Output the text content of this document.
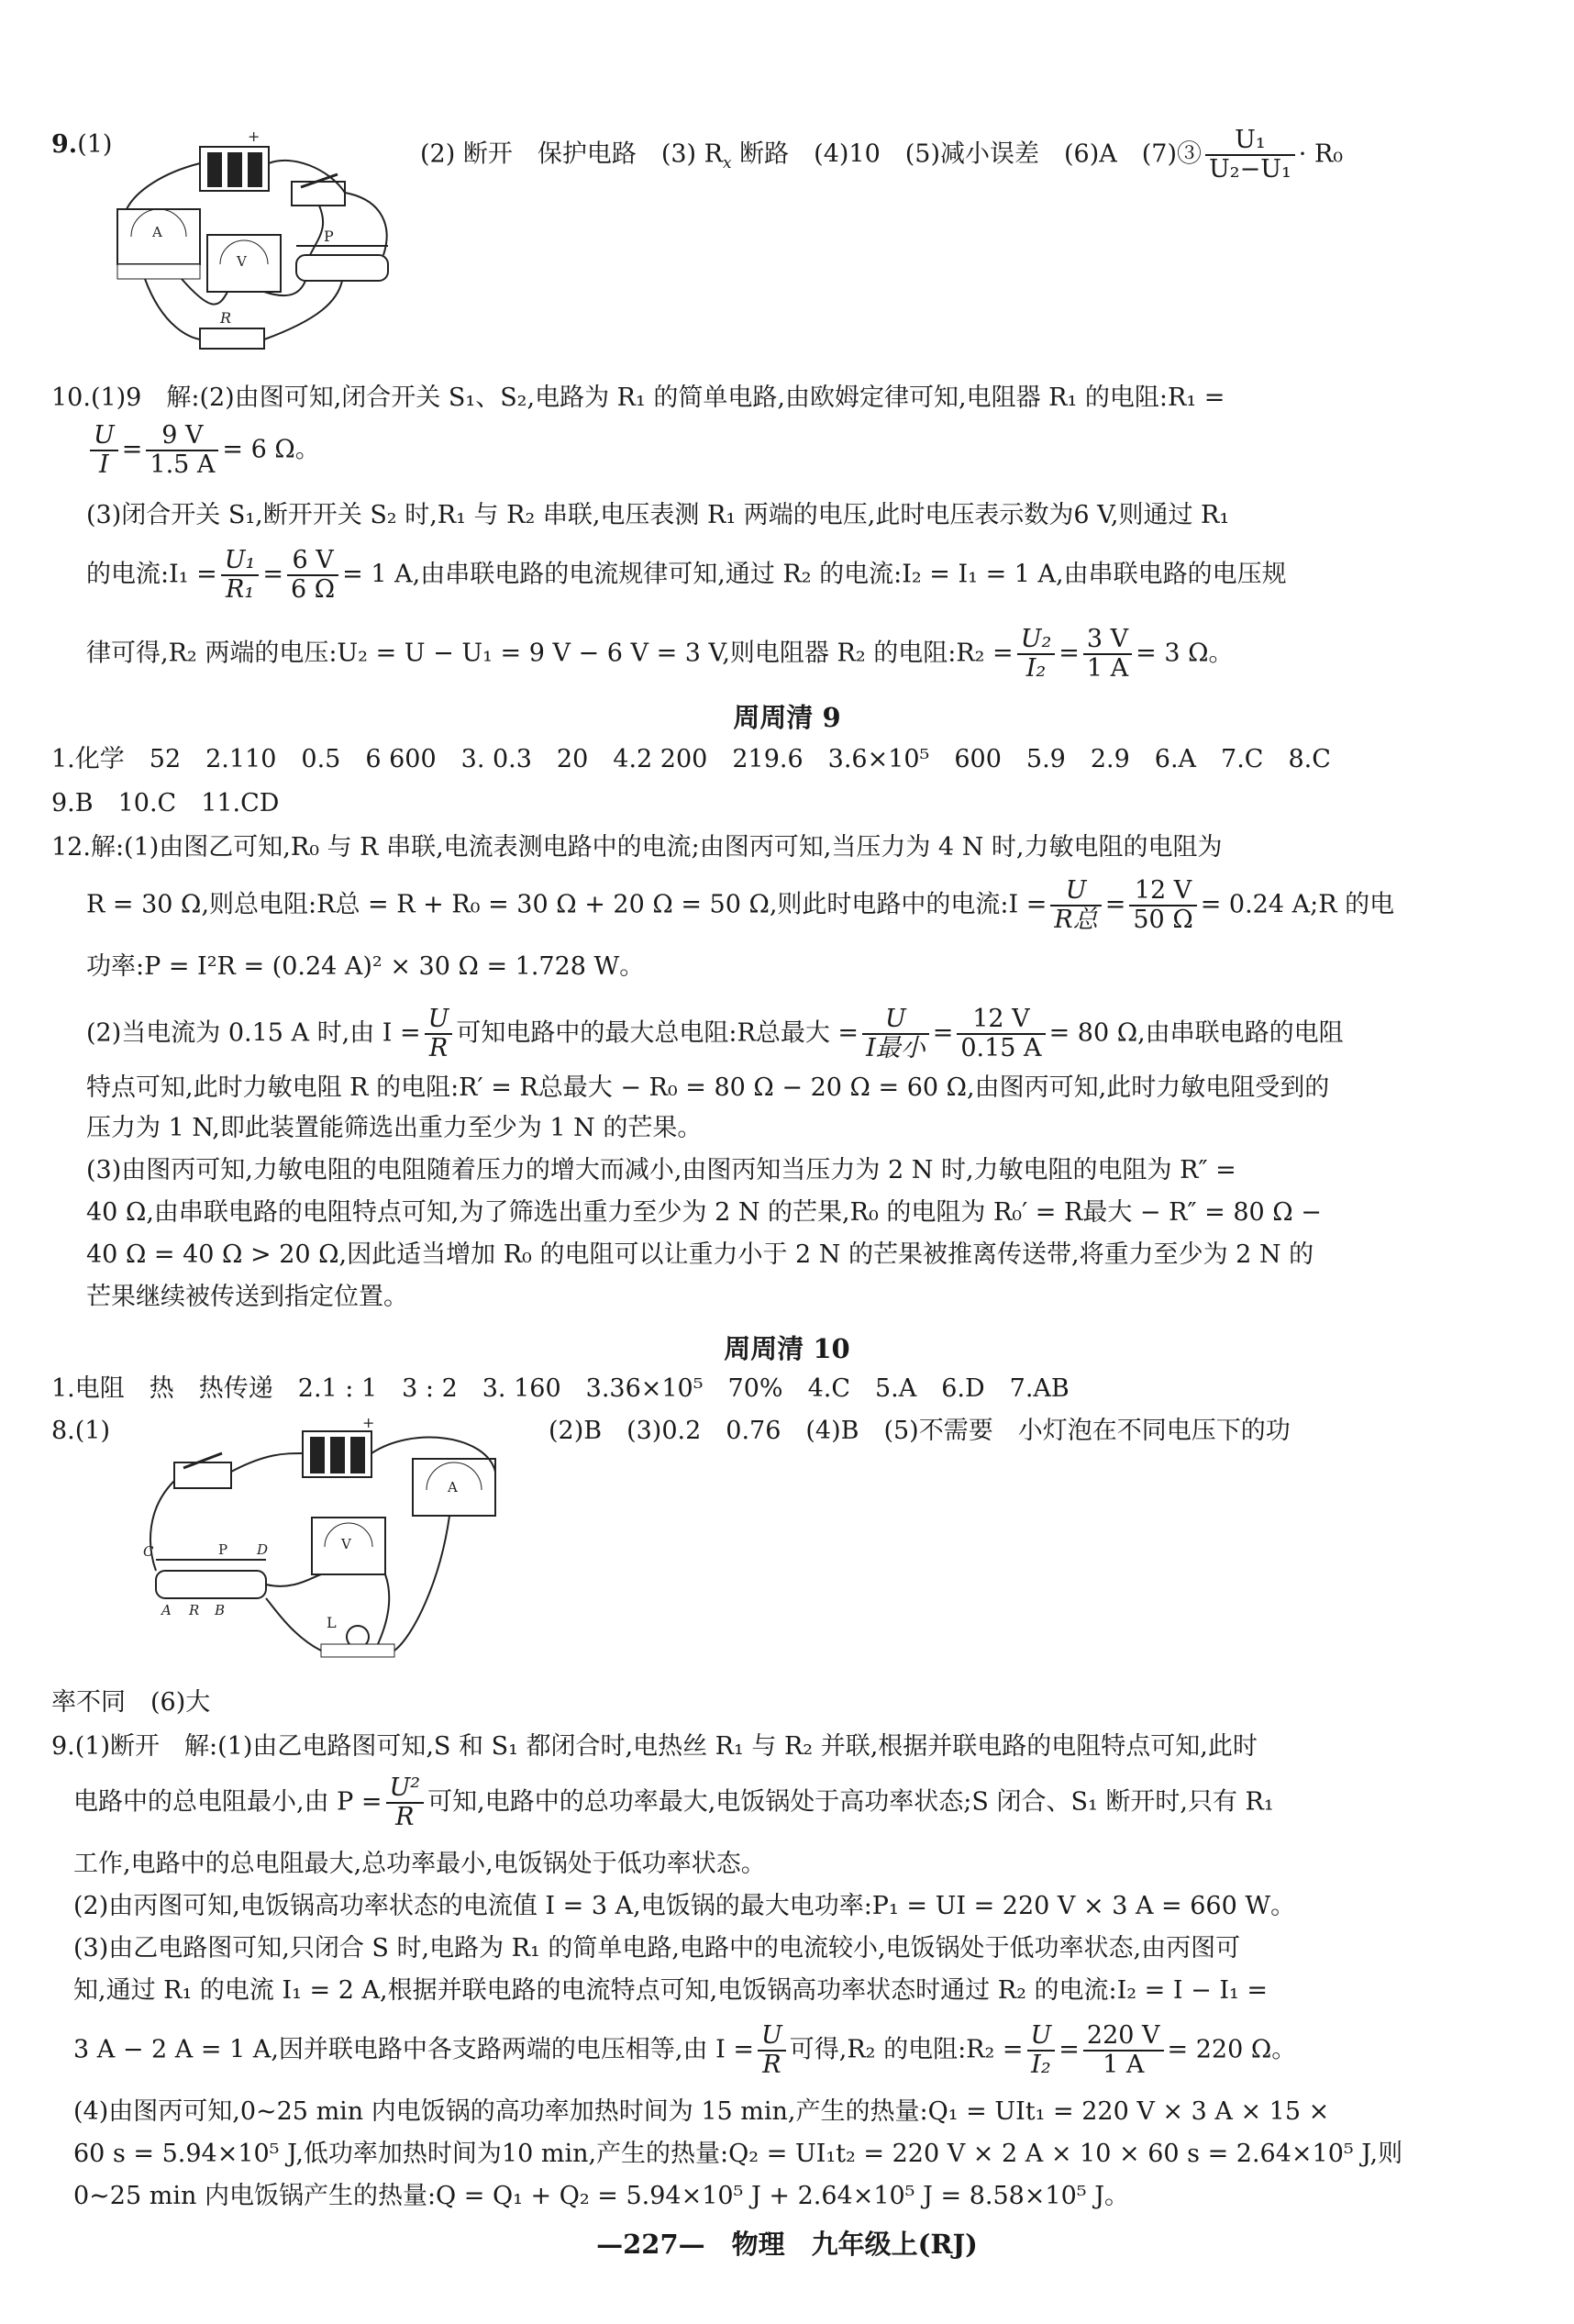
9.(1)	+
A
V
P
R
(2) 断开　保护电路　(3) $R_x$ 断路　(4)10　(5)减小误差　(6)A　(7)③ $\frac{\text{U₁}}{\text{U₂−U₁}} \cdot R_0$
10.(1)9　解:(2)由图可知,闭合开关 S₁、S₂,电路为 R₁ 的简单电路,由欧姆定律可知,电阻器 R₁ 的电阻:R₁ =
$\frac{U}{I} = \frac{9 V}{1.5 A} = 6$ Ω。
(3)闭合开关 S₁,断开开关 S₂ 时,R₁ 与 R₂ 串联,电压表测 R₁ 两端的电压,此时电压表示数为6 V,则通过 R₁
的电流:I₁ = $\frac{\text{U₁}}{\text{R₁}} = \frac{6 V}{6 \Omega} = 1$ A,由串联电路的电流规律可知,通过 R₂ 的电流:I₂ = I₁ = 1 A,由串联电路的电压规
律可得,R₂ 两端的电压:U₂ = U − U₁ = 9 V − 6 V = 3 V,则电阻器 R₂ 的电阻:R₂ = $\frac{\text{U₂}}{\text{I₂}} = \frac{3 V}{1 A} = 3$ Ω。
周周清 9
1.化学　52　2.110　0.5　6 600　3. 0.3　20　4.2 200　219.6　3.6×10⁵　600　5.9　2.9　6.A　7.C　8.C
9.B　10.C　11.CD
12.解:(1)由图乙可知,R₀ 与 R 串联,电流表测电路中的电流;由图丙可知,当压力为 4 N 时,力敏电阻的电阻为
R = 30 Ω,则总电阻:R总 = R + R₀ = 30 Ω + 20 Ω = 50 Ω,则此时电路中的电流:I = $\frac{U}{\text{R总}} = \frac{12 V}{50 \Omega} = 0.24$ A;R 的电
功率:P = I²R = (0.24 A)² × 30 Ω = 1.728 W。
(2)当电流为 0.15 A 时,由 $I = \frac{U}{R}$ 可知电路中的最大总电阻:R总最大 = $\frac{U}{\text{I最小}} = \frac{12 V}{0.15 A} = 80$ Ω,由串联电路的电阻
特点可知,此时力敏电阻 R 的电阻:R′ = R总最大 − R₀ = 80 Ω − 20 Ω = 60 Ω,由图丙可知,此时力敏电阻受到的
压力为 1 N,即此装置能筛选出重力至少为 1 N 的芒果。
(3)由图丙可知,力敏电阻的电阻随着压力的增大而减小,由图丙知当压力为 2 N 时,力敏电阻的电阻为 R″ =
40 Ω,由串联电路的电阻特点可知,为了筛选出重力至少为 2 N 的芒果,R₀ 的电阻为 R₀′ = R最大 − R″ = 80 Ω −
40 Ω = 40 Ω > 20 Ω,因此适当增加 R₀ 的电阻可以让重力小于 2 N 的芒果被推离传送带,将重力至少为 2 N 的
芒果继续被传送到指定位置。
周周清 10
1.电阻　热　热传递　2.1 : 1　3 : 2　3. 160　3.36×10⁵　70%　4.C　5.A　6.D　7.AB
8.(1)	+
A
V
C	P D
A R B
L
(2)B　(3)0.2　0.76　(4)B　(5)不需要　小灯泡在不同电压下的功
率不同　(6)大
9.(1)断开　解:(1)由乙电路图可知,S 和 S₁ 都闭合时,电热丝 R₁ 与 R₂ 并联,根据并联电路的电阻特点可知,此时
电路中的总电阻最小,由 $P = \frac{\text{U²}}{R}$ 可知,电路中的总功率最大,电饭锅处于高功率状态;S 闭合、S₁ 断开时,只有 R₁
工作,电路中的总电阻最大,总功率最小,电饭锅处于低功率状态。
(2)由丙图可知,电饭锅高功率状态的电流值 I = 3 A,电饭锅的最大电功率:P₁ = UI = 220 V × 3 A = 660 W。
(3)由乙电路图可知,只闭合 S 时,电路为 R₁ 的简单电路,电路中的电流较小,电饭锅处于低功率状态,由丙图可
知,通过 R₁ 的电流 I₁ = 2 A,根据并联电路的电流特点可知,电饭锅高功率状态时通过 R₂ 的电流:I₂ = I − I₁ =
3 A − 2 A = 1 A,因并联电路中各支路两端的电压相等,由 $I = \frac{U}{R}$ 可得,R₂ 的电阻:R₂ = $\frac{U}{\text{I₂}} = \frac{220 V}{1 A} = 220$ Ω。
(4)由图丙可知,0~25 min 内电饭锅的高功率加热时间为 15 min,产生的热量:Q₁ = UIt₁ = 220 V × 3 A × 15 ×
60 s = 5.94×10⁵ J,低功率加热时间为10 min,产生的热量:Q₂ = UI₁t₂ = 220 V × 2 A × 10 × 60 s = 2.64×10⁵ J,则
0~25 min 内电饭锅产生的热量:Q = Q₁ + Q₂ = 5.94×10⁵ J + 2.64×10⁵ J = 8.58×10⁵ J。
—227—　物理　九年级上(RJ)
